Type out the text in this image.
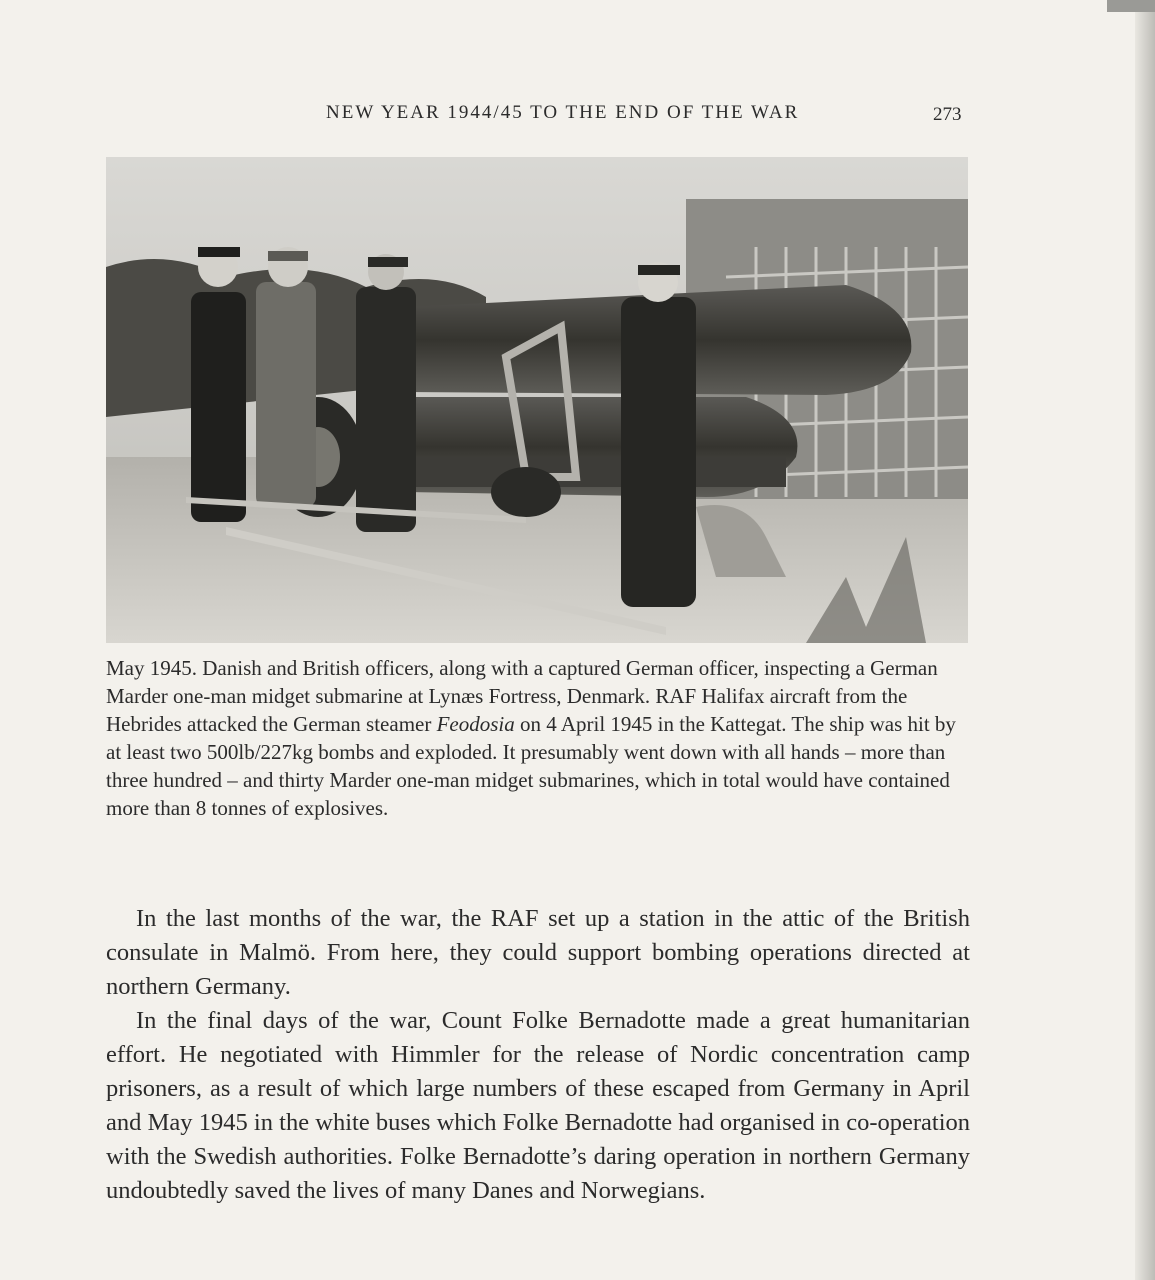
NEW YEAR 1944/45 TO THE END OF THE WAR	273

May 1945. Danish and British officers, along with a captured German officer, inspecting a German Marder one-man midget submarine at Lynæs Fortress, Denmark. RAF Halifax aircraft from the Hebrides attacked the German steamer Feodosia on 4 April 1945 in the Kattegat. The ship was hit by at least two 500lb/227kg bombs and exploded. It presumably went down with all hands – more than three hundred – and thirty Marder one-man midget submarines, which in total would have contained more than 8 tonnes of explosives.

In the last months of the war, the RAF set up a station in the attic of the British consulate in Malmö. From here, they could support bombing operations directed at northern Germany.

In the final days of the war, Count Folke Bernadotte made a great humanitarian effort. He negotiated with Himmler for the release of Nordic concentration camp prisoners, as a result of which large numbers of these escaped from Germany in April and May 1945 in the white buses which Folke Bernadotte had organised in co-operation with the Swedish authorities. Folke Bernadotte’s daring operation in northern Germany undoubtedly saved the lives of many Danes and Norwegians.
